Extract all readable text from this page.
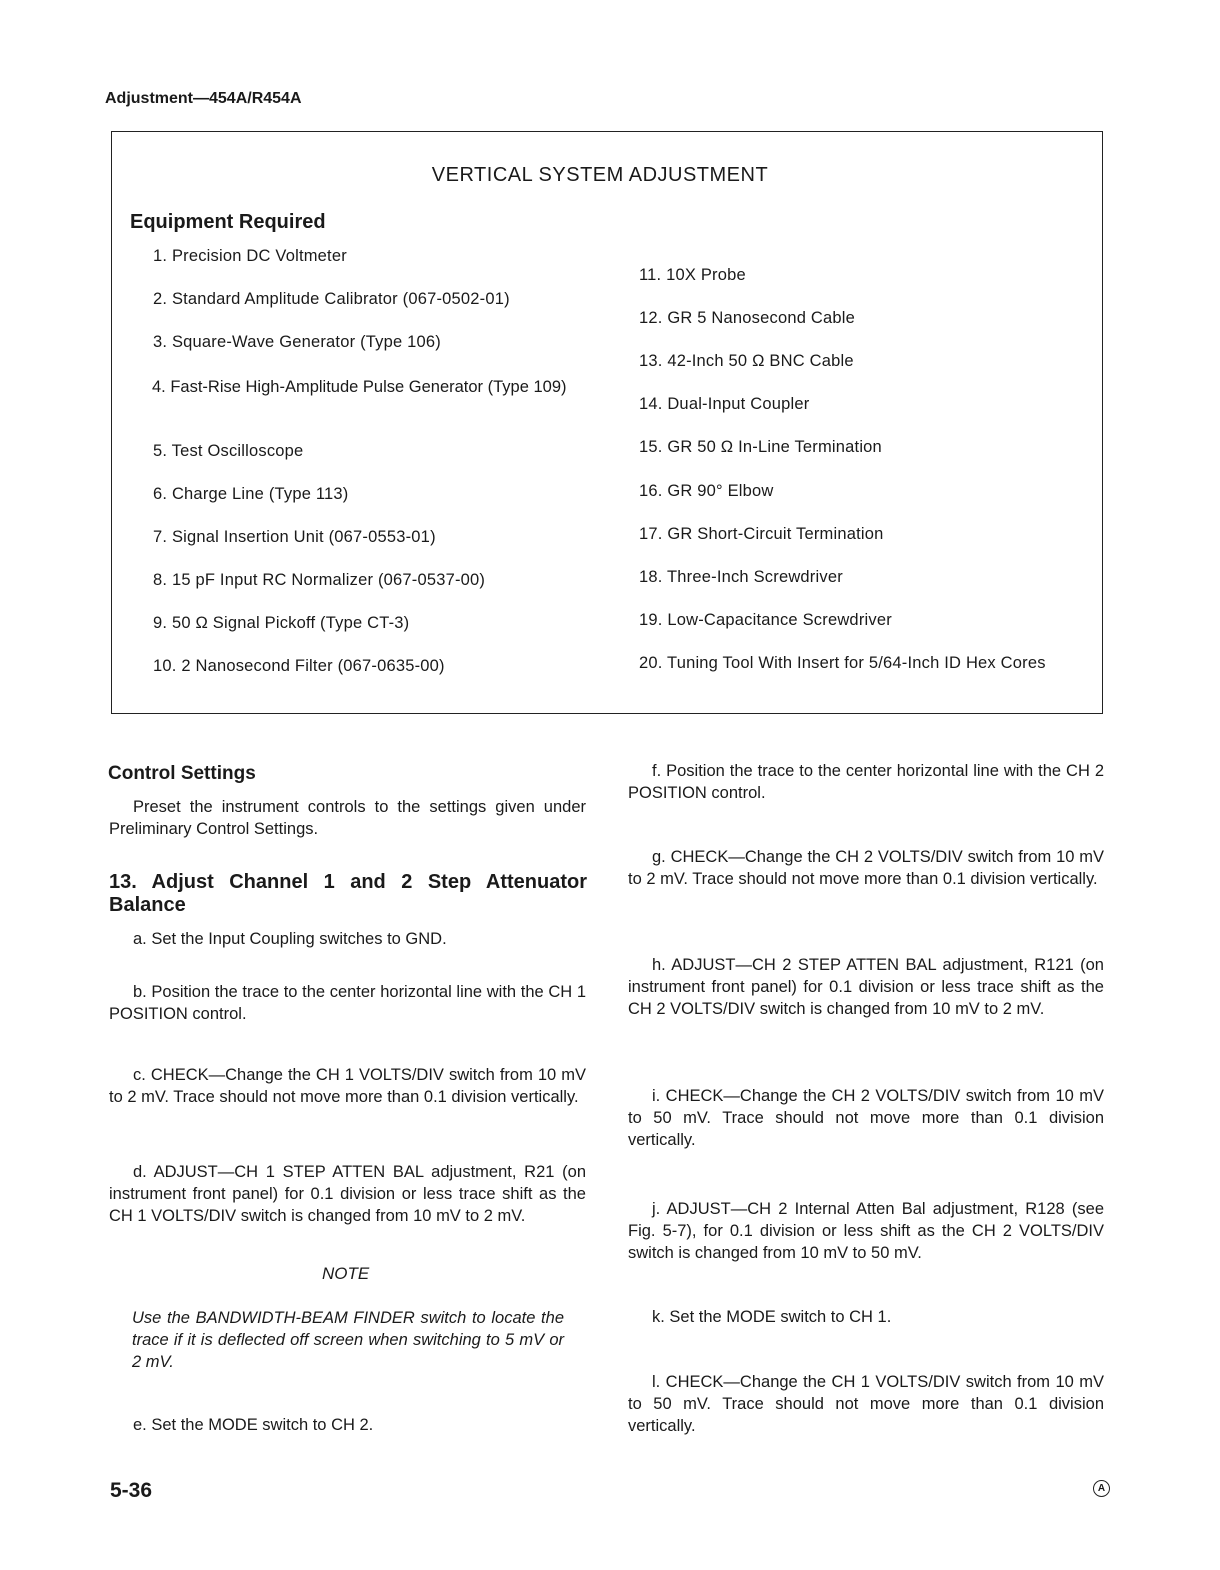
Adjustment—454A/R454A
VERTICAL SYSTEM ADJUSTMENT
Equipment Required
1. Precision DC Voltmeter
2. Standard Amplitude Calibrator (067-0502-01)
3. Square-Wave Generator (Type 106)
4. Fast-Rise High-Amplitude Pulse Generator (Type 109)
5. Test Oscilloscope
6. Charge Line (Type 113)
7. Signal Insertion Unit (067-0553-01)
8. 15 pF Input RC Normalizer (067-0537-00)
9. 50 Ω Signal Pickoff (Type CT-3)
10. 2 Nanosecond Filter (067-0635-00)
11. 10X Probe
12. GR 5 Nanosecond Cable
13. 42-Inch 50 Ω BNC Cable
14. Dual-Input Coupler
15. GR 50 Ω In-Line Termination
16. GR 90° Elbow
17. GR Short-Circuit Termination
18. Three-Inch Screwdriver
19. Low-Capacitance Screwdriver
20. Tuning Tool With Insert for 5/64-Inch ID Hex Cores
Control Settings
Preset the instrument controls to the settings given under Preliminary Control Settings.
13. Adjust Channel 1 and 2 Step Attenuator Balance
a. Set the Input Coupling switches to GND.
b. Position the trace to the center horizontal line with the CH 1 POSITION control.
c. CHECK—Change the CH 1 VOLTS/DIV switch from 10 mV to 2 mV. Trace should not move more than 0.1 division vertically.
d. ADJUST—CH 1 STEP ATTEN BAL adjustment, R21 (on instrument front panel) for 0.1 division or less trace shift as the CH 1 VOLTS/DIV switch is changed from 10 mV to 2 mV.
NOTE
Use the BANDWIDTH-BEAM FINDER switch to locate the trace if it is deflected off screen when switching to 5 mV or 2 mV.
e. Set the MODE switch to CH 2.
f. Position the trace to the center horizontal line with the CH 2 POSITION control.
g. CHECK—Change the CH 2 VOLTS/DIV switch from 10 mV to 2 mV. Trace should not move more than 0.1 division vertically.
h. ADJUST—CH 2 STEP ATTEN BAL adjustment, R121 (on instrument front panel) for 0.1 division or less trace shift as the CH 2 VOLTS/DIV switch is changed from 10 mV to 2 mV.
i. CHECK—Change the CH 2 VOLTS/DIV switch from 10 mV to 50 mV. Trace should not move more than 0.1 division vertically.
j. ADJUST—CH 2 Internal Atten Bal adjustment, R128 (see Fig. 5-7), for 0.1 division or less shift as the CH 2 VOLTS/DIV switch is changed from 10 mV to 50 mV.
k. Set the MODE switch to CH 1.
l. CHECK—Change the CH 1 VOLTS/DIV switch from 10 mV to 50 mV. Trace should not move more than 0.1 division vertically.
5-36	A
